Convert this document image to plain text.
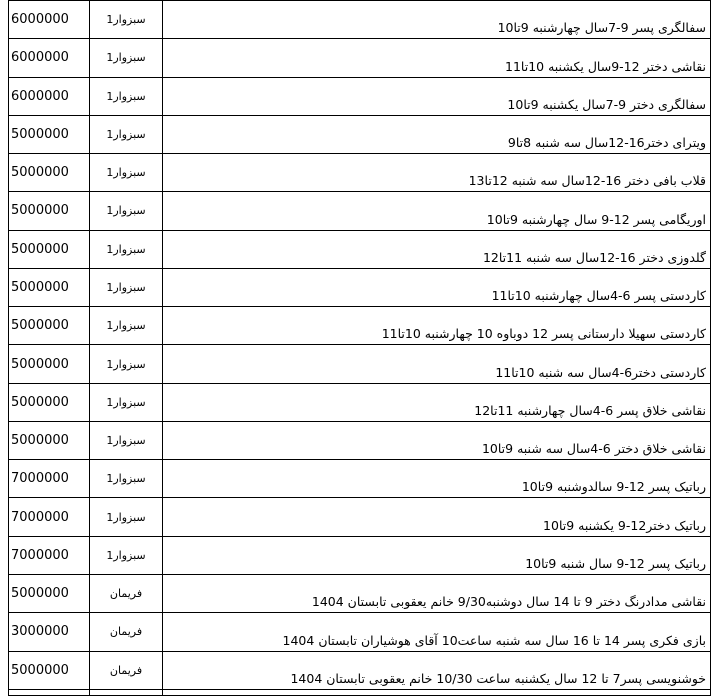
6000000	سبزوار1	سفالگری پسر 9-7سال چهارشنبه 9تا10
6000000	سبزوار1	نقاشی دختر 12-9سال یکشنبه 10تا11
6000000	سبزوار1	سفالگری دختر 9-7سال یکشنبه 9تا10
5000000	سبزوار1	ویترای دختر16-12سال سه شنبه 8تا9
5000000	سبزوار1	قلاب بافی دختر 16-12سال سه شنبه 12تا13
5000000	سبزوار1	اوریگامی پسر 12-9 سال چهارشنبه 9تا10
5000000	سبزوار1	گلدوزی دختر 16-12سال سه شنبه 11تا12
5000000	سبزوار1	کاردستی پسر 6-4سال چهارشنبه 10تا11
5000000	سبزوار1	کاردستی سهیلا دارستانی پسر 12 دوباوه 10 چهارشنبه 10تا11
5000000	سبزوار1	کاردستی دختر6-4سال سه شنبه 10تا11
5000000	سبزوار1	نقاشی خلاق پسر 6-4سال چهارشنبه 11تا12
5000000	سبزوار1	نقاشی خلاق دختر 6-4سال سه شنبه 9تا10
7000000	سبزوار1	رباتیک پسر 12-9 سالدوشنبه 9تا10
7000000	سبزوار1	رباتیک دختر12-9 یکشنبه 9تا10
7000000	سبزوار1	رباتیک پسر 12-9 سال شنبه 9تا10
5000000	فریمان	نقاشی مدادرنگ دختر 9 تا 14 سال دوشنبه9/30 خانم یعقوبی تابستان 1404
3000000	فریمان	بازی فکری پسر 14 تا 16 سال سه شنبه ساعت10 آقای هوشیاران تابستان 1404
5000000	فریمان	خوشنویسی پسر7 تا 12 سال یکشنبه ساعت 10/30 خانم یعقوبی تابستان 1404
